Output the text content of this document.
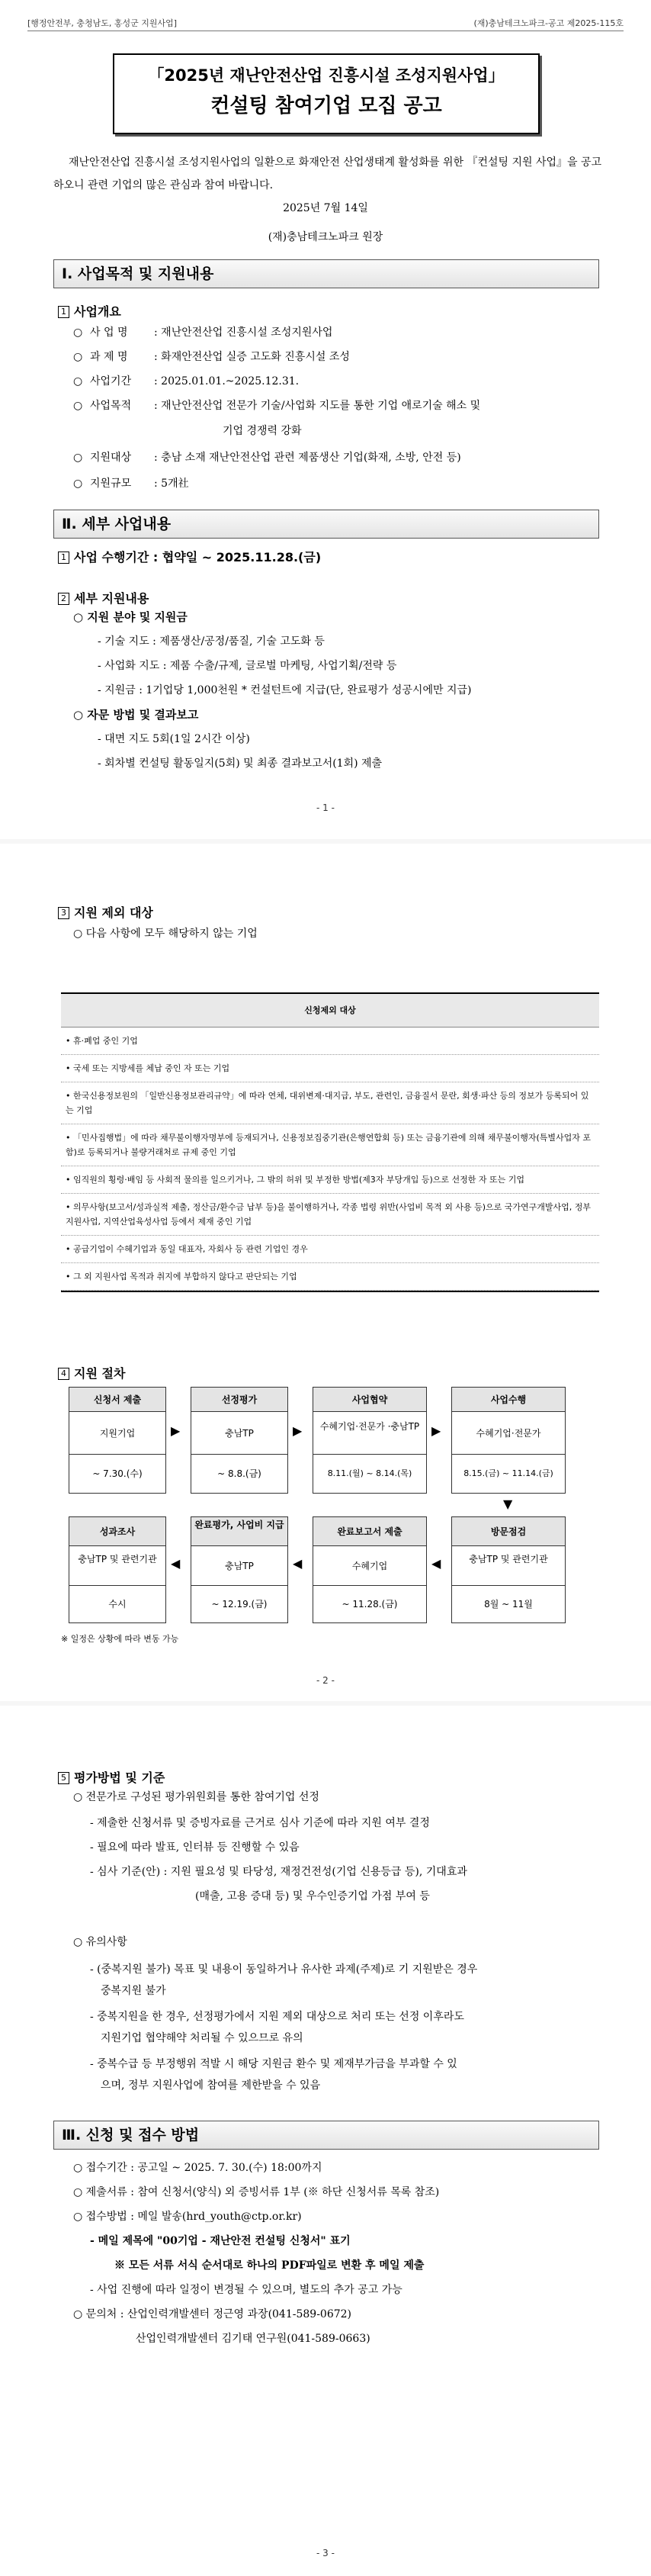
[행정안전부, 충청남도, 홍성군 지원사업]	(재)충남테크노파크-공고 제2025-115호
「2025년 재난안전산업 진흥시설 조성지원사업」
컨설팅 참여기업 모집 공고
재난안전산업 진흥시설 조성지원사업의 일환으로 화재안전 산업생태계 활성화를 위한 『컨설팅 지원 사업』을 공고하오니 관련 기업의 많은 관심과 참여 바랍니다.
2025년 7월 14일
(재)충남테크노파크 원장
Ⅰ. 사업목적 및 지원내용
1 사업개요
○ 사 업 명 : 재난안전산업 진흥시설 조성지원사업
○ 과 제 명 : 화재안전산업 실증 고도화 진흥시설 조성
○ 사업기간 : 2025.01.01.~2025.12.31.
○ 사업목적 : 재난안전산업 전문가 기술/사업화 지도를 통한 기업 애로기술 해소 및
기업 경쟁력 강화
○ 지원대상 : 충남 소재 재난안전산업 관련 제품생산 기업(화재, 소방, 안전 등)
○ 지원규모 : 5개社
Ⅱ. 세부 사업내용
1 사업 수행기간 : 협약일 ~ 2025.11.28.(금)
2 세부 지원내용
○ 지원 분야 및 지원금
- 기술 지도 : 제품생산/공정/품질, 기술 고도화 등
- 사업화 지도 : 제품 수출/규제, 글로벌 마케팅, 사업기획/전략 등
- 지원금 : 1기업당 1,000천원 * 컨설턴트에 지급(단, 완료평가 성공시에만 지급)
○ 자문 방법 및 결과보고
- 대면 지도 5회(1일 2시간 이상)
- 회차별 컨설팅 활동일지(5회) 및 최종 결과보고서(1회) 제출
- 1 -
3 지원 제외 대상
○ 다음 사항에 모두 해당하지 않는 기업
신청제외 대상
• 휴·폐업 중인 기업
• 국세 또는 지방세를 체납 중인 자 또는 기업
• 한국신용정보원의 「일반신용정보관리규약」에 따라 연체, 대위변제·대지급, 부도, 관련인, 금융질서 문란, 회생·파산 등의 정보가 등록되어 있는 기업
• 「민사집행법」에 따라 채무불이행자명부에 등재되거나, 신용정보집중기관(은행연합회 등) 또는 금융기관에 의해 채무불이행자(특별사업자 포함)로 등록되거나 불량거래처로 규제 중인 기업
• 임직원의 횡령·배임 등 사회적 물의를 일으키거나, 그 밖의 허위 및 부정한 방법(제3자 부당개입 등)으로 선정한 자 또는 기업
• 의무사항(보고서/성과실적 제출, 정산금/환수금 납부 등)을 불이행하거나, 각종 법령 위반(사업비 목적 외 사용 등)으로 국가연구개발사업, 정부지원사업, 지역산업육성사업 등에서 제재 중인 기업
• 공급기업이 수혜기업과 동일 대표자, 자회사 등 관련 기업인 경우
• 그 외 지원사업 목적과 취지에 부합하지 않다고 판단되는 기업
4 지원 절차
신청서 제출
지원기업
~ 7.30.(수)
▶
선정평가
충남TP
~ 8.8.(금)
▶
사업협약
수혜기업·전문가 ·충남TP
8.11.(월) ~ 8.14.(목)
▶
사업수행
수혜기업·전문가
8.15.(금) ~ 11.14.(금)
▼
성과조사
충남TP 및 관련기관
수시
◀
완료평가, 사업비 지급
충남TP
~ 12.19.(금)
◀
완료보고서 제출
수혜기업
~ 11.28.(금)
◀
방문점검
충남TP 및 관련기관
8월 ~ 11월
※ 일정은 상황에 따라 변동 가능
- 2 -
5 평가방법 및 기준
○ 전문가로 구성된 평가위원회를 통한 참여기업 선정
- 제출한 신청서류 및 증빙자료를 근거로 심사 기준에 따라 지원 여부 결정
- 필요에 따라 발표, 인터뷰 등 진행할 수 있음
- 심사 기준(안) : 지원 필요성 및 타당성, 재정건전성(기업 신용등급 등), 기대효과
(매출, 고용 증대 등) 및 우수인증기업 가점 부여 등
○ 유의사항
- (중복지원 불가) 목표 및 내용이 동일하거나 유사한 과제(주제)로 기 지원받은 경우
중복지원 불가
- 중복지원을 한 경우, 선정평가에서 지원 제외 대상으로 처리 또는 선정 이후라도
지원기업 협약해약 처리될 수 있으므로 유의
- 중복수급 등 부정행위 적발 시 해당 지원금 환수 및 제재부가금을 부과할 수 있
으며, 정부 지원사업에 참여를 제한받을 수 있음
Ⅲ. 신청 및 접수 방법
○ 접수기간 : 공고일 ~ 2025. 7. 30.(수) 18:00까지
○ 제출서류 : 참여 신청서(양식) 외 증빙서류 1부 (※ 하단 신청서류 목록 참조)
○ 접수방법 : 메일 발송(hrd_youth@ctp.or.kr)
- 메일 제목에 "00기업 - 재난안전 컨설팅 신청서" 표기
※ 모든 서류 서식 순서대로 하나의 PDF파일로 변환 후 메일 제출
- 사업 진행에 따라 일정이 변경될 수 있으며, 별도의 추가 공고 가능
○ 문의처 : 산업인력개발센터 정근영 과장(041-589-0672)
산업인력개발센터 김기태 연구원(041-589-0663)
- 3 -
